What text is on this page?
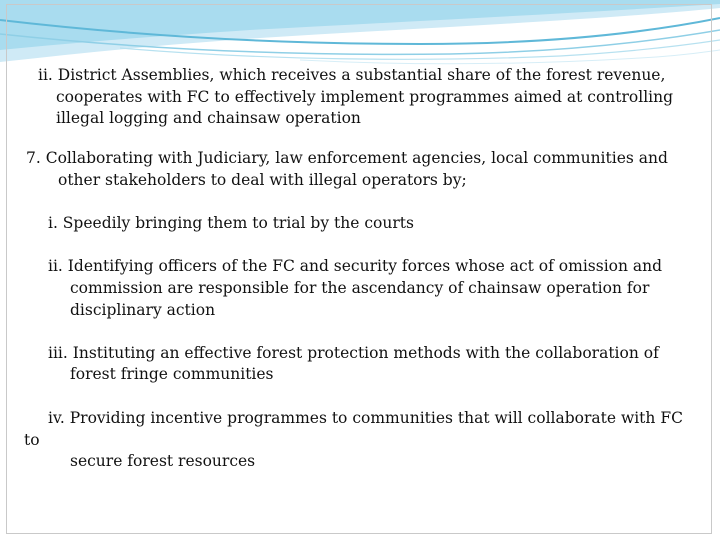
ii. District Assemblies, which receives a substantial share of the forest revenue,

cooperates with FC to effectively implement programmes aimed at controlling

illegal logging and chainsaw operation

7. Collaborating with Judiciary, law enforcement agencies, local communities and

other stakeholders to deal with illegal operators by;

i. Speedily bringing them to trial by the courts

ii. Identifying officers of the FC and security forces whose act of omission and

commission are responsible for the ascendancy of chainsaw operation for

disciplinary action

iii. Instituting an effective forest protection methods with the collaboration of

forest fringe communities

iv. Providing incentive programmes to communities that will collaborate with FC

to

secure forest resources
